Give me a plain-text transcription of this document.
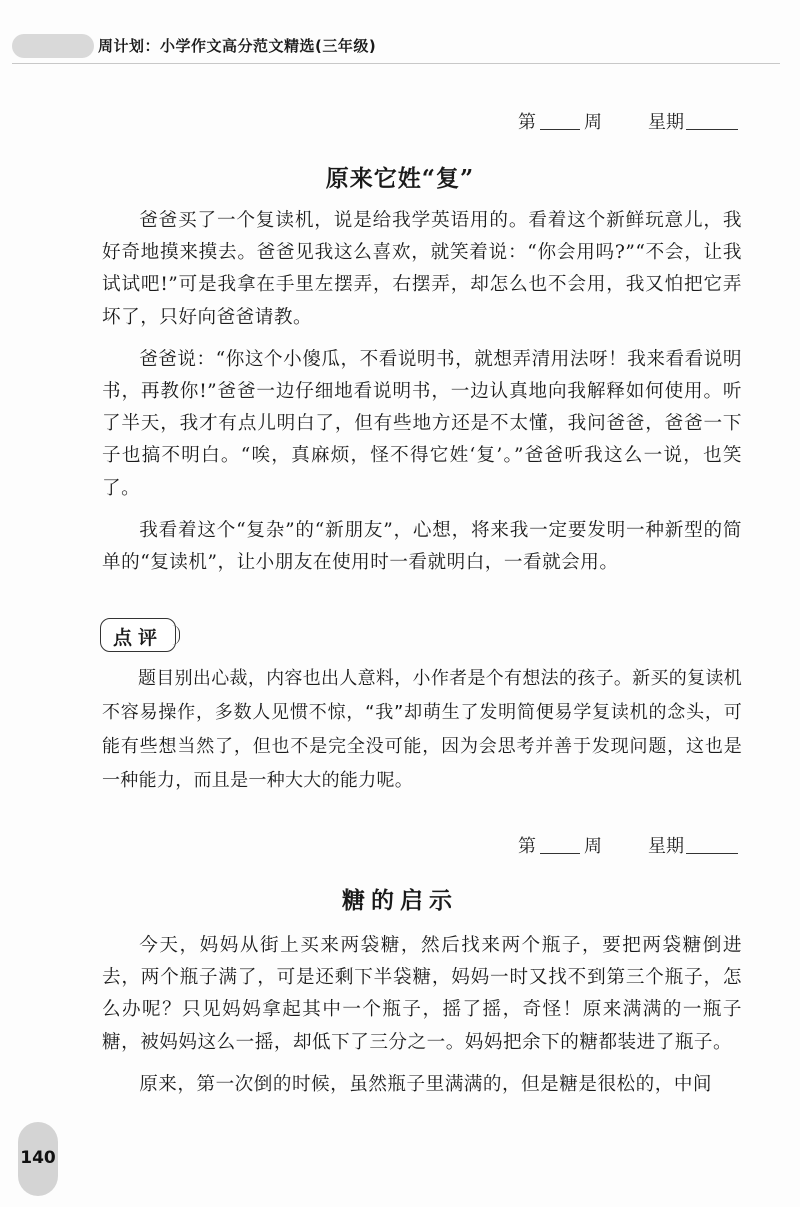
周计划：小学作文高分范文精选(三年级)
第	周	星期
原来它姓“复”

爸爸买了一个复读机，说是给我学英语用的。看着这个新鲜玩意儿，我好奇地摸来摸去。爸爸见我这么喜欢，就笑着说：“你会用吗?”“不会，让我试试吧!”可是我拿在手里左摆弄，右摆弄，却怎么也不会用，我又怕把它弄坏了，只好向爸爸请教。

爸爸说：“你这个小傻瓜，不看说明书，就想弄清用法呀！我来看看说明书，再教你!”爸爸一边仔细地看说明书，一边认真地向我解释如何使用。听了半天，我才有点儿明白了，但有些地方还是不太懂，我问爸爸，爸爸一下子也搞不明白。“唉，真麻烦，怪不得它姓‘复’。”爸爸听我这么一说，也笑了。

我看着这个“复杂”的“新朋友”，心想，将来我一定要发明一种新型的简单的“复读机”，让小朋友在使用时一看就明白，一看就会用。

点评

题目别出心裁，内容也出人意料，小作者是个有想法的孩子。新买的复读机不容易操作，多数人见惯不惊，“我”却萌生了发明简便易学复读机的念头，可能有些想当然了，但也不是完全没可能，因为会思考并善于发现问题，这也是一种能力，而且是一种大大的能力呢。

第	周	星期
糖的启示

今天，妈妈从街上买来两袋糖，然后找来两个瓶子，要把两袋糖倒进去，两个瓶子满了，可是还剩下半袋糖，妈妈一时又找不到第三个瓶子，怎么办呢？只见妈妈拿起其中一个瓶子，摇了摇，奇怪！原来满满的一瓶子糖，被妈妈这么一摇，却低下了三分之一。妈妈把余下的糖都装进了瓶子。

原来，第一次倒的时候，虽然瓶子里满满的，但是糖是很松的，中间

140
